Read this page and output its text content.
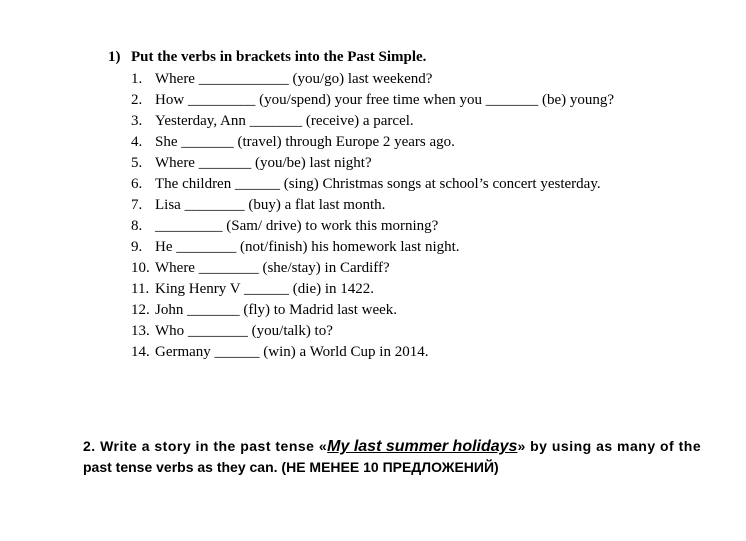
1) Put the verbs in brackets into the Past Simple.
1. Where ____________ (you/go) last weekend?
2. How _________ (you/spend) your free time when you _______ (be) young?
3. Yesterday, Ann _______ (receive) a parcel.
4. She _______ (travel) through Europe 2 years ago.
5. Where _______ (you/be) last night?
6. The children ______ (sing) Christmas songs at school’s concert yesterday.
7. Lisa ________ (buy) a flat last month.
8. _________ (Sam/ drive) to work this morning?
9. He ________ (not/finish) his homework last night.
10. Where ________ (she/stay) in Cardiff?
11. King Henry V ______ (die) in 1422.
12. John _______ (fly) to Madrid last week.
13. Who ________ (you/talk) to?
14. Germany ______ (win) a World Cup in 2014.
2. Write a story in the past tense «My last summer holidays» by using as many of the
past tense verbs as they can. (НЕ МЕНЕЕ 10 ПРЕДЛОЖЕНИЙ)
